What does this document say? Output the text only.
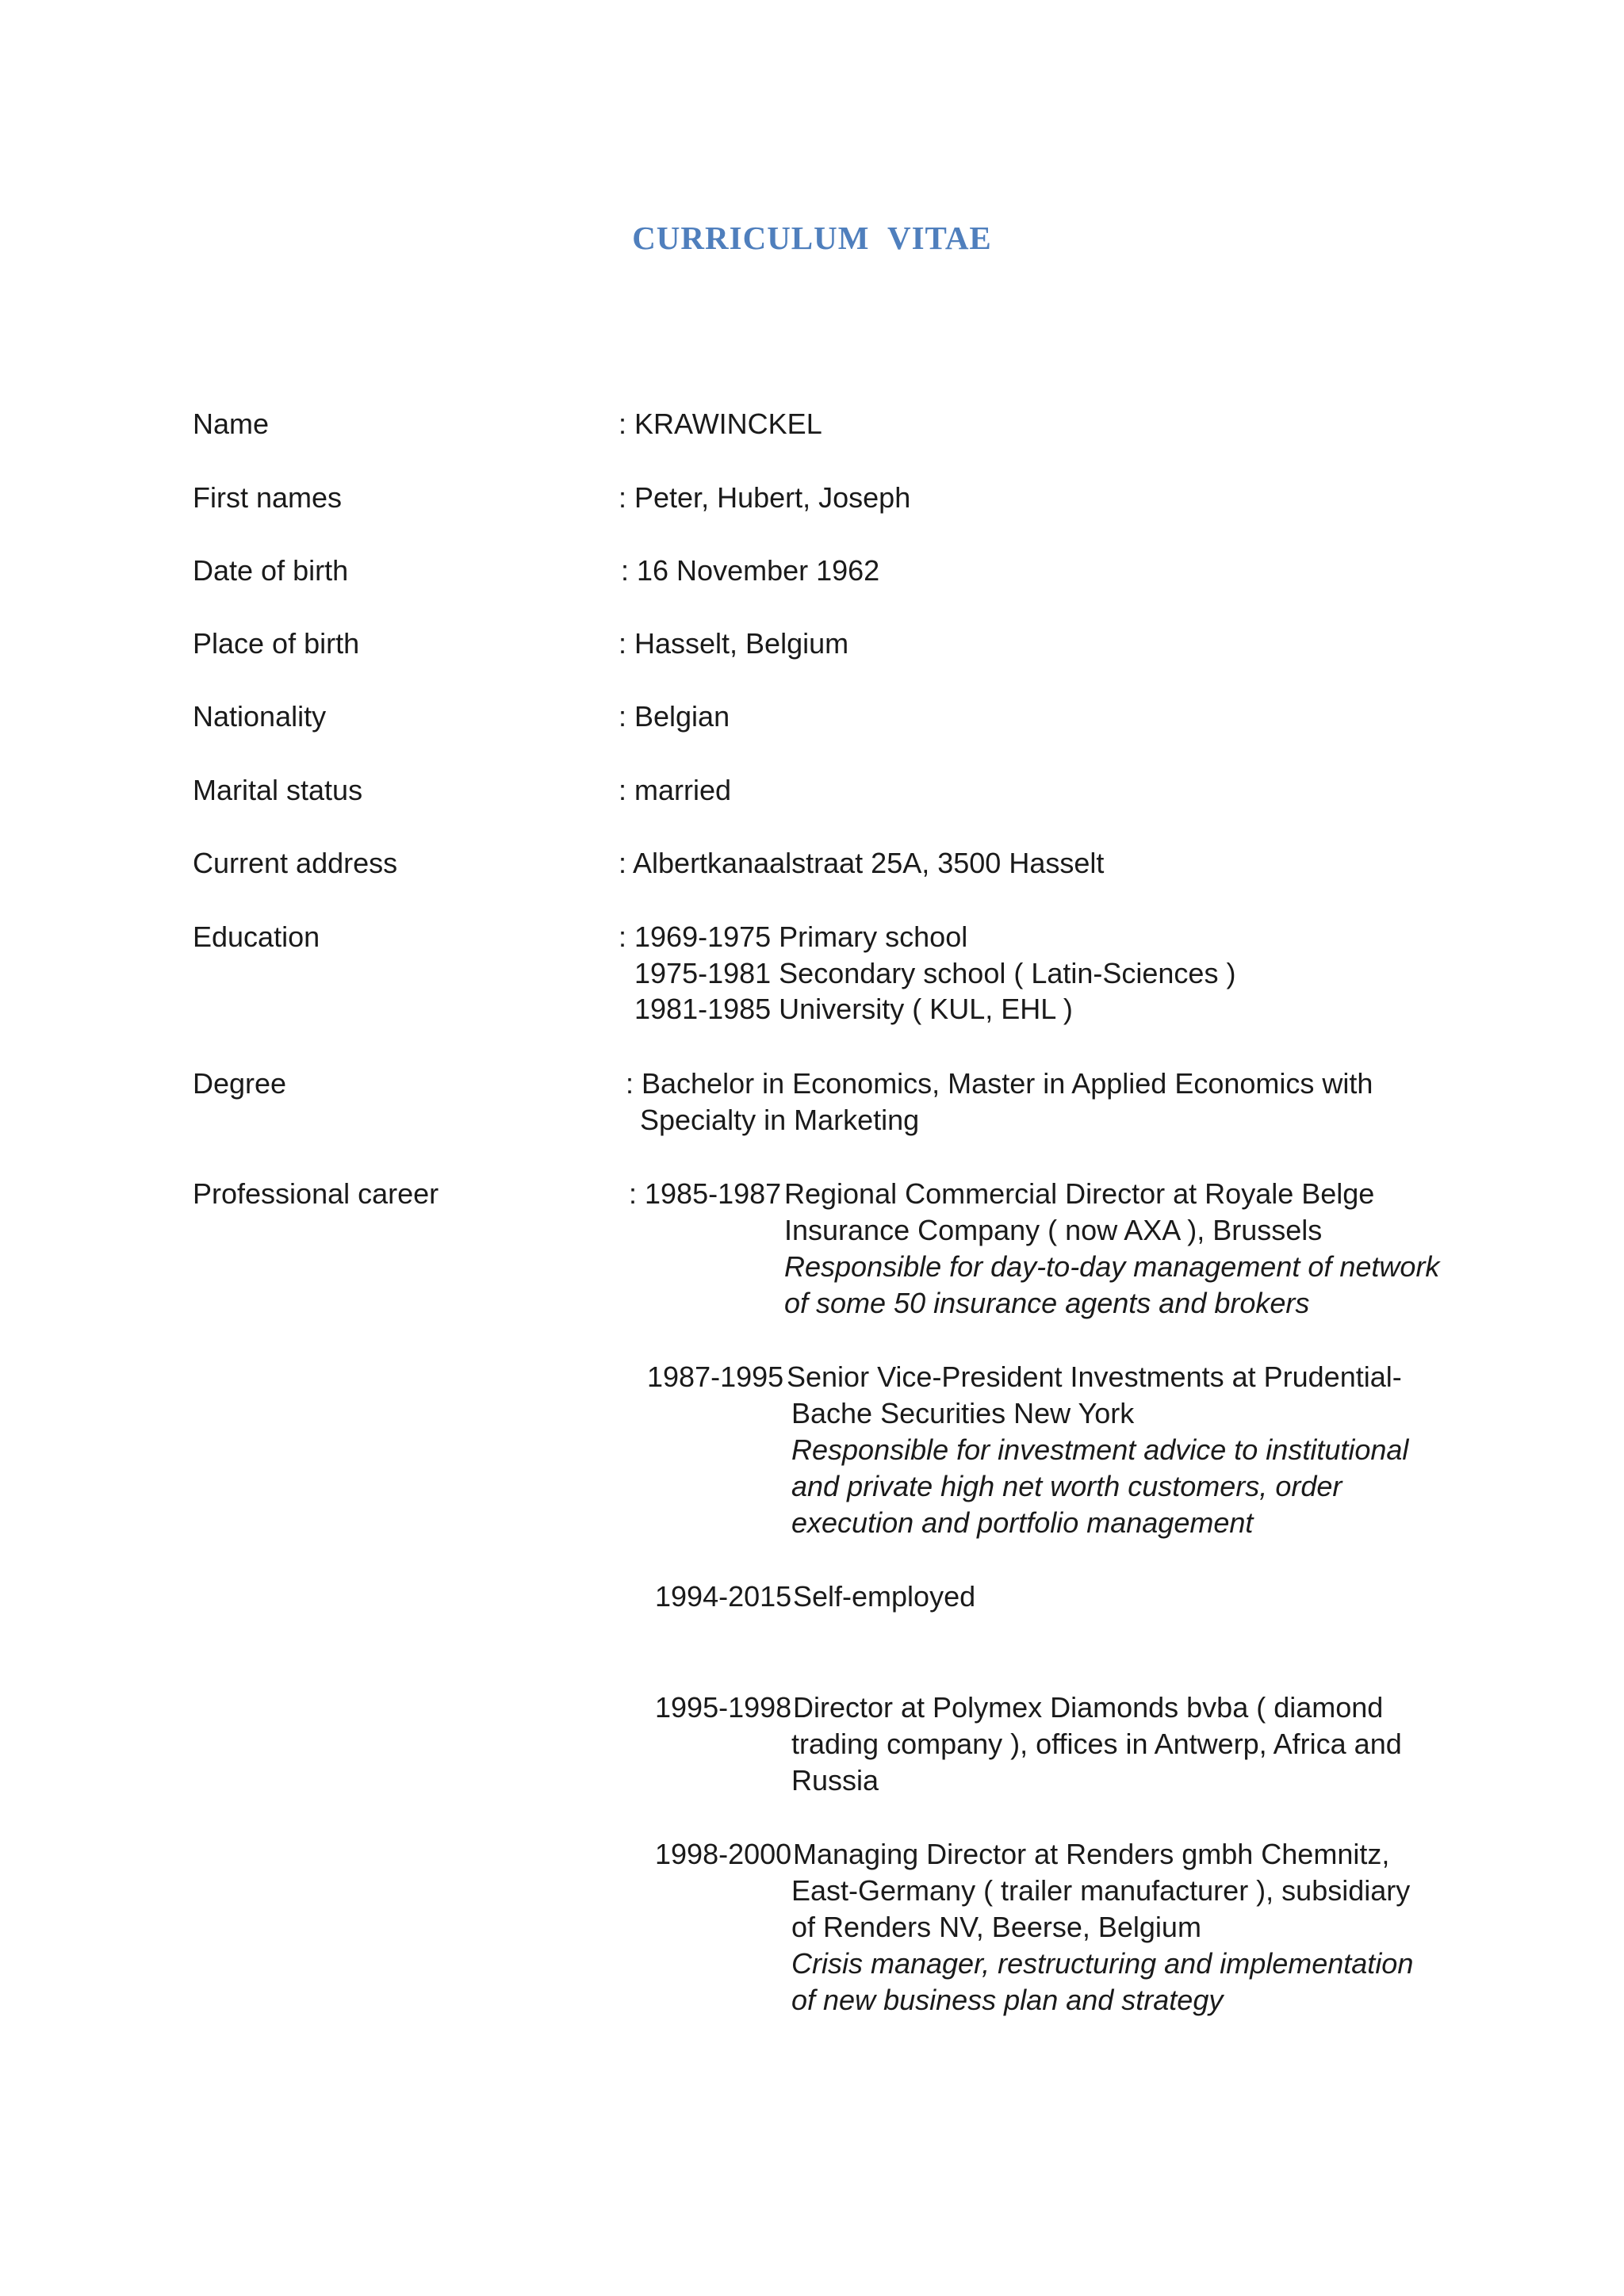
CURRICULUM VITAE
Name	: KRAWINCKEL
First names	: Peter, Hubert, Joseph
Date of birth	: 16 November 1962
Place of birth	: Hasselt, Belgium
Nationality	: Belgian
Marital status	: married
Current address	: Albertkanaalstraat 25A, 3500 Hasselt
Education	: 1969-1975 Primary school
1975-1981 Secondary school ( Latin-Sciences )
1981-1985 University ( KUL, EHL )
Degree	: Bachelor in Economics, Master in Applied Economics with
Specialty in Marketing
Professional career	: 1985-1987 Regional Commercial Director at Royale Belge
Insurance Company ( now AXA ), Brussels
Responsible for day-to-day management of network
of some 50 insurance agents and brokers
1987-1995 Senior Vice-President Investments at Prudential-
Bache Securities New York
Responsible for investment advice to institutional
and private high net worth customers, order
execution and portfolio management
1994-2015 Self-employed
1995-1998 Director at Polymex Diamonds bvba ( diamond
trading company ), offices in Antwerp, Africa and
Russia
1998-2000 Managing Director at Renders gmbh Chemnitz,
East-Germany ( trailer manufacturer ), subsidiary
of Renders NV, Beerse, Belgium
Crisis manager, restructuring and implementation
of new business plan and strategy
